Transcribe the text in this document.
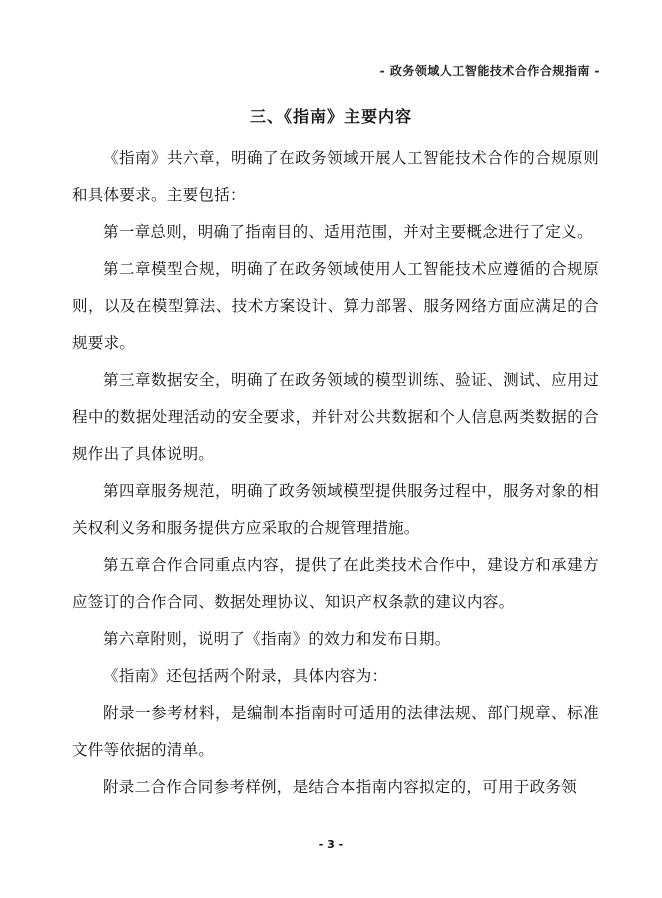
- 政务领域人工智能技术合作合规指南 -
三、《指南》主要内容

《指南》共六章，明确了在政务领域开展人工智能技术合作的合规原则和具体要求。主要包括：

第一章总则，明确了指南目的、适用范围，并对主要概念进行了定义。

第二章模型合规，明确了在政务领域使用人工智能技术应遵循的合规原则，以及在模型算法、技术方案设计、算力部署、服务网络方面应满足的合规要求。

第三章数据安全，明确了在政务领域的模型训练、验证、测试、应用过程中的数据处理活动的安全要求，并针对公共数据和个人信息两类数据的合规作出了具体说明。

第四章服务规范，明确了政务领域模型提供服务过程中，服务对象的相关权利义务和服务提供方应采取的合规管理措施。

第五章合作合同重点内容，提供了在此类技术合作中，建设方和承建方应签订的合作合同、数据处理协议、知识产权条款的建议内容。

第六章附则，说明了《指南》的效力和发布日期。

《指南》还包括两个附录，具体内容为：

附录一参考材料，是编制本指南时可适用的法律法规、部门规章、标准文件等依据的清单。

附录二合作合同参考样例，是结合本指南内容拟定的，可用于政务领

- 3 -
